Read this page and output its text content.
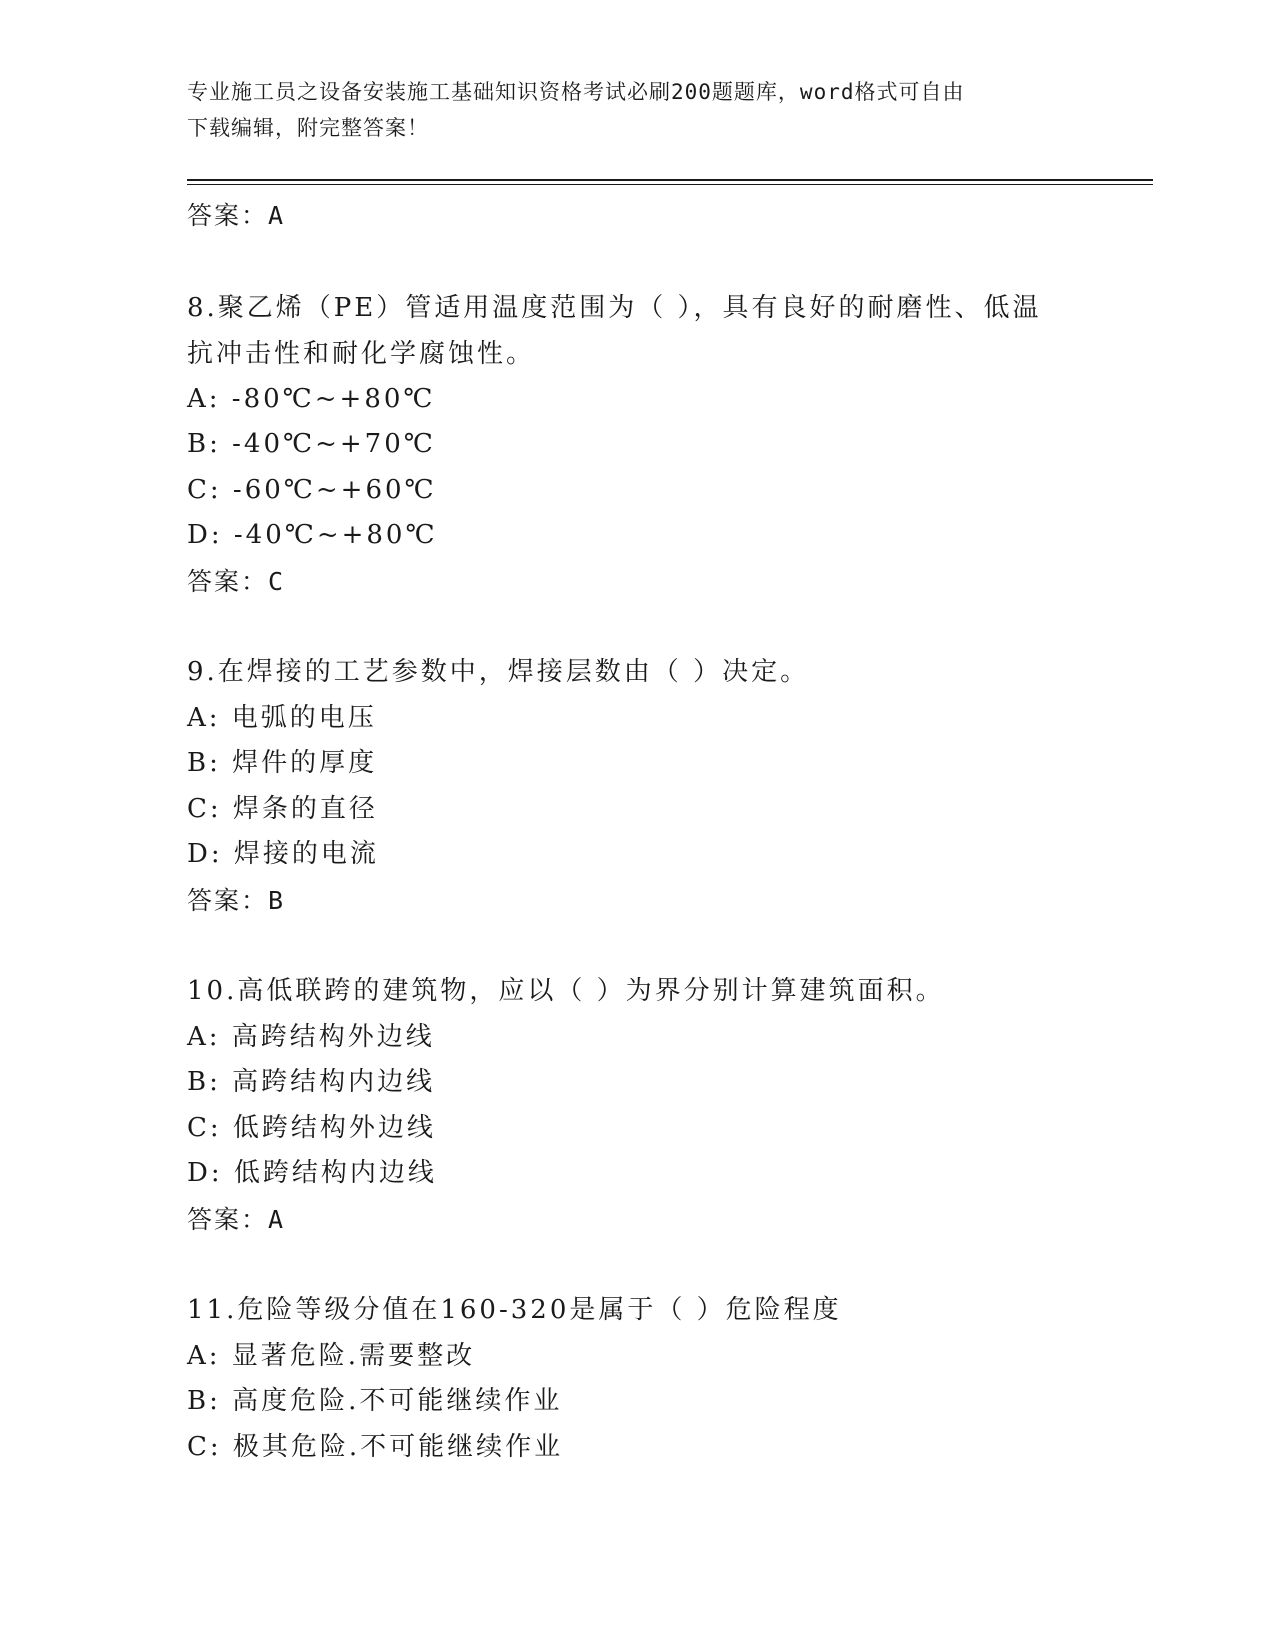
专业施工员之设备安装施工基础知识资格考试必刷200题题库，word格式可自由
下载编辑，附完整答案！
答案：A
8.聚乙烯（PE）管适用温度范围为（ ），具有良好的耐磨性、低温抗冲击性和耐化学腐蚀性。
A: -80℃~+80℃
B: -40℃~+70℃
C: -60℃~+60℃
D: -40℃~+80℃
答案：C
9.在焊接的工艺参数中，焊接层数由（ ）决定。
A: 电弧的电压
B: 焊件的厚度
C: 焊条的直径
D: 焊接的电流
答案：B
10.高低联跨的建筑物，应以（ ）为界分别计算建筑面积。
A: 高跨结构外边线
B: 高跨结构内边线
C: 低跨结构外边线
D: 低跨结构内边线
答案：A
11.危险等级分值在160-320是属于（ ）危险程度
A: 显著危险.需要整改
B: 高度危险.不可能继续作业
C: 极其危险.不可能继续作业
